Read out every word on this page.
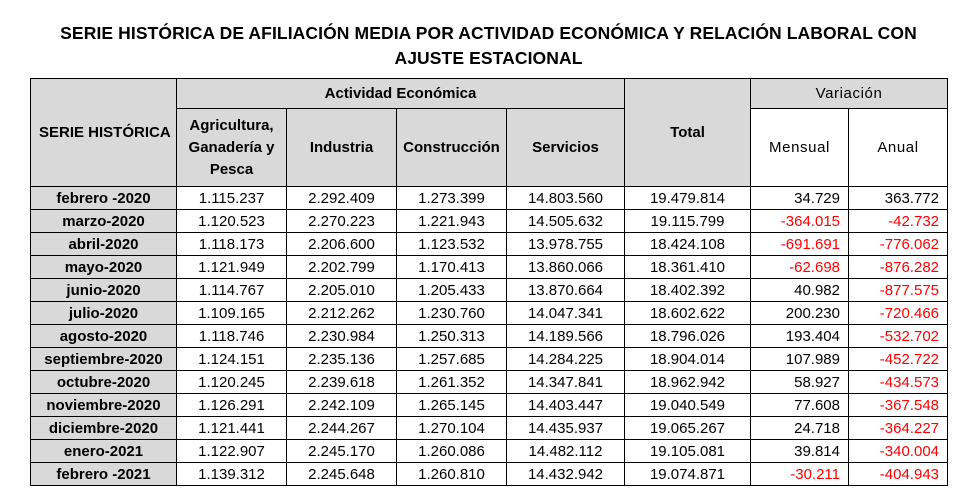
SERIE HISTÓRICA DE AFILIACIÓN MEDIA POR ACTIVIDAD ECONÓMICA Y RELACIÓN LABORAL CON
AJUSTE ESTACIONAL
SERIE HISTÓRICA	Actividad Económica				Total	Variación	
	Agricultura, Ganadería y Pesca	Industria	Construcción	Servicios		Mensual	Anual
febrero -2020	1.115.237	2.292.409	1.273.399	14.803.560	19.479.814	34.729	363.772
marzo-2020	1.120.523	2.270.223	1.221.943	14.505.632	19.115.799	-364.015	-42.732
abril-2020	1.118.173	2.206.600	1.123.532	13.978.755	18.424.108	-691.691	-776.062
mayo-2020	1.121.949	2.202.799	1.170.413	13.860.066	18.361.410	-62.698	-876.282
junio-2020	1.114.767	2.205.010	1.205.433	13.870.664	18.402.392	40.982	-877.575
julio-2020	1.109.165	2.212.262	1.230.760	14.047.341	18.602.622	200.230	-720.466
agosto-2020	1.118.746	2.230.984	1.250.313	14.189.566	18.796.026	193.404	-532.702
septiembre-2020	1.124.151	2.235.136	1.257.685	14.284.225	18.904.014	107.989	-452.722
octubre-2020	1.120.245	2.239.618	1.261.352	14.347.841	18.962.942	58.927	-434.573
noviembre-2020	1.126.291	2.242.109	1.265.145	14.403.447	19.040.549	77.608	-367.548
diciembre-2020	1.121.441	2.244.267	1.270.104	14.435.937	19.065.267	24.718	-364.227
enero-2021	1.122.907	2.245.170	1.260.086	14.482.112	19.105.081	39.814	-340.004
febrero -2021	1.139.312	2.245.648	1.260.810	14.432.942	19.074.871	-30.211	-404.943
